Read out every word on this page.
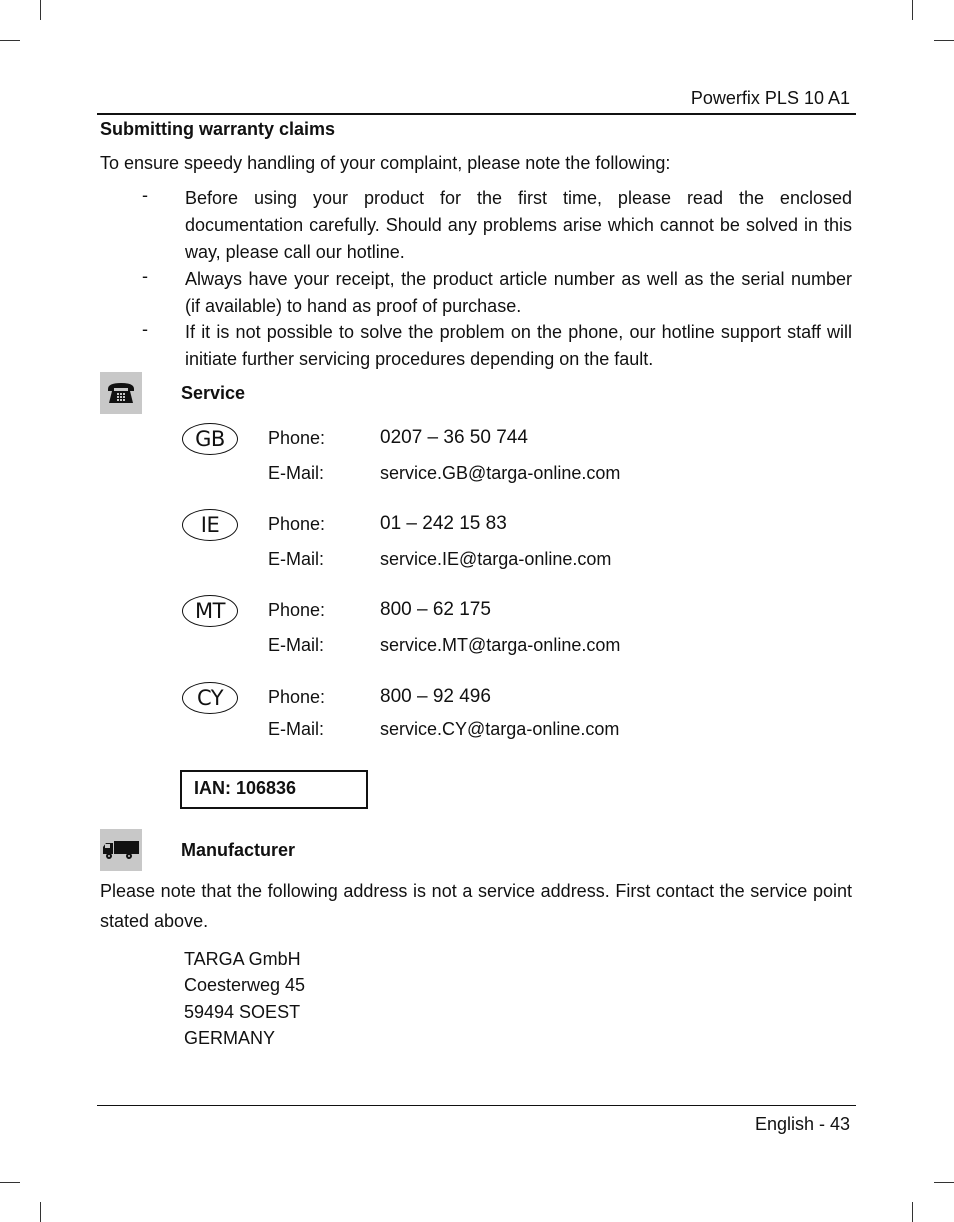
Powerfix PLS 10 A1
Submitting warranty claims
To ensure speedy handling of your complaint, please note the following:
- Before using your product for the first time, please read the enclosed documentation carefully. Should any problems arise which cannot be solved in this way, please call our hotline.
- Always have your receipt, the product article number as well as the serial number (if available) to hand as proof of purchase.
- If it is not possible to solve the problem on the phone, our hotline support staff will initiate further servicing procedures depending on the fault.
Service
GB	Phone:	0207 – 36 50 744
E-Mail:	service.GB@targa-online.com
IE	Phone:	01 – 242 15 83
E-Mail:	service.IE@targa-online.com
MT	Phone:	800 – 62 175
E-Mail:	service.MT@targa-online.com
CY	Phone:	800 – 92 496
E-Mail:	service.CY@targa-online.com
IAN: 106836
Manufacturer
Please note that the following address is not a service address. First contact the service point stated above.
TARGA GmbH
Coesterweg 45
59494 SOEST
GERMANY
English - 43
